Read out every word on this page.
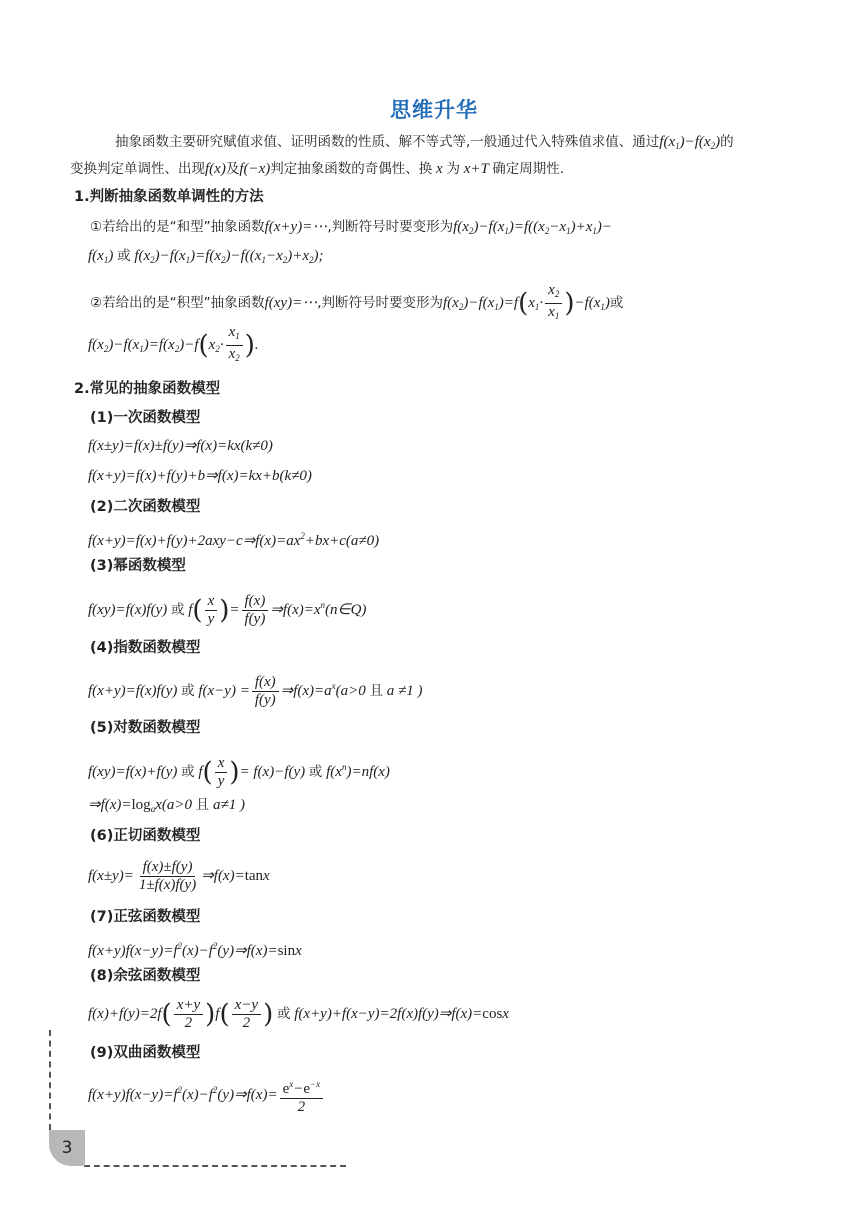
思维升华
抽象函数主要研究赋值求值、证明函数的性质、解不等式等,一般通过代入特殊值求值、通过$f(x_1)-f(x_2)$的
变换判定单调性、出现f(x)及f(−x)判定抽象函数的奇偶性、换 x 为 x+T 确定周期性.
1.判断抽象函数单调性的方法
①若给出的是“和型”抽象函数f(x+y)=⋯,判断符号时要变形为$f(x_2)-f(x_1)=f((x_2-x_1)+x_1)-$
$f(x_1)$ 或 $f(x_2)-f(x_1)=f(x_2)-f((x_1-x_2)+x_2)$;
②若给出的是“积型”抽象函数f(xy)=⋯,判断符号时要变形为$f(x_2)-f(x_1)=f(x_1\cdot \frac{x_2}{x_1} )-f(x_1)$或
$f(x_2)-f(x_1)=f(x_2)-f(x_2\cdot \frac{x_1}{x_2}$ ).
2.常见的抽象函数模型
(1)一次函数模型
f(x±y)=f(x)±f(y)⇒f(x)=kx(k≠0)
f(x+y)=f(x)+f(y)+b⇒f(x)=kx+b(k≠0)
(2)二次函数模型
$f(x+y)=f(x)+f(y)+2axy-c\Rightarrow f(x)=ax^2+bx+c(a\ne 0)$
(3)幂函数模型
f(xy)=f(x)f(y) 或 $f( \frac{x}{y}$ )= $\frac{f(x)}{f(y)}$ $\Rightarrow f(x)=x^n(n\in Q)$
(4)指数函数模型
f(x+y)=f(x)f(y) 或 $f(x-y) = \frac{f(x)}{f(y)}$ $\Rightarrow f(x)=a^x(a>0$ 且 a ≠1 )
(5)对数函数模型
f(xy)=f(x)+f(y) 或 $f( \frac{x}{y}$ )= f(x)−f(y) 或 $f(x^n)=nf(x)$
$\Rightarrow f(x)=\log_ax(a>0$ 且 a≠1 )
(6)正切函数模型
$f(x\pm y)= \frac{f(x)\pm f(y)}{1\pm f(x)f(y)}$ ⇒f(x)=tanx
(7)正弦函数模型
$f(x+y)f(x-y)=f^2(x)-f^2(y)\Rightarrow f(x)=\sin x$
(8)余弦函数模型
$f(x)+f(y)=2f( \frac{x+y}{2} )f( \frac{x-y}{2}$ ) 或 f(x+y)+f(x−y)=2f(x)f(y)⇒f(x)=cosx
(9)双曲函数模型
$f(x+y)f(x-y)=f^2(x)-f^2(y)\Rightarrow f(x)= \frac{e^x-e^{-x}}{2}$
3
